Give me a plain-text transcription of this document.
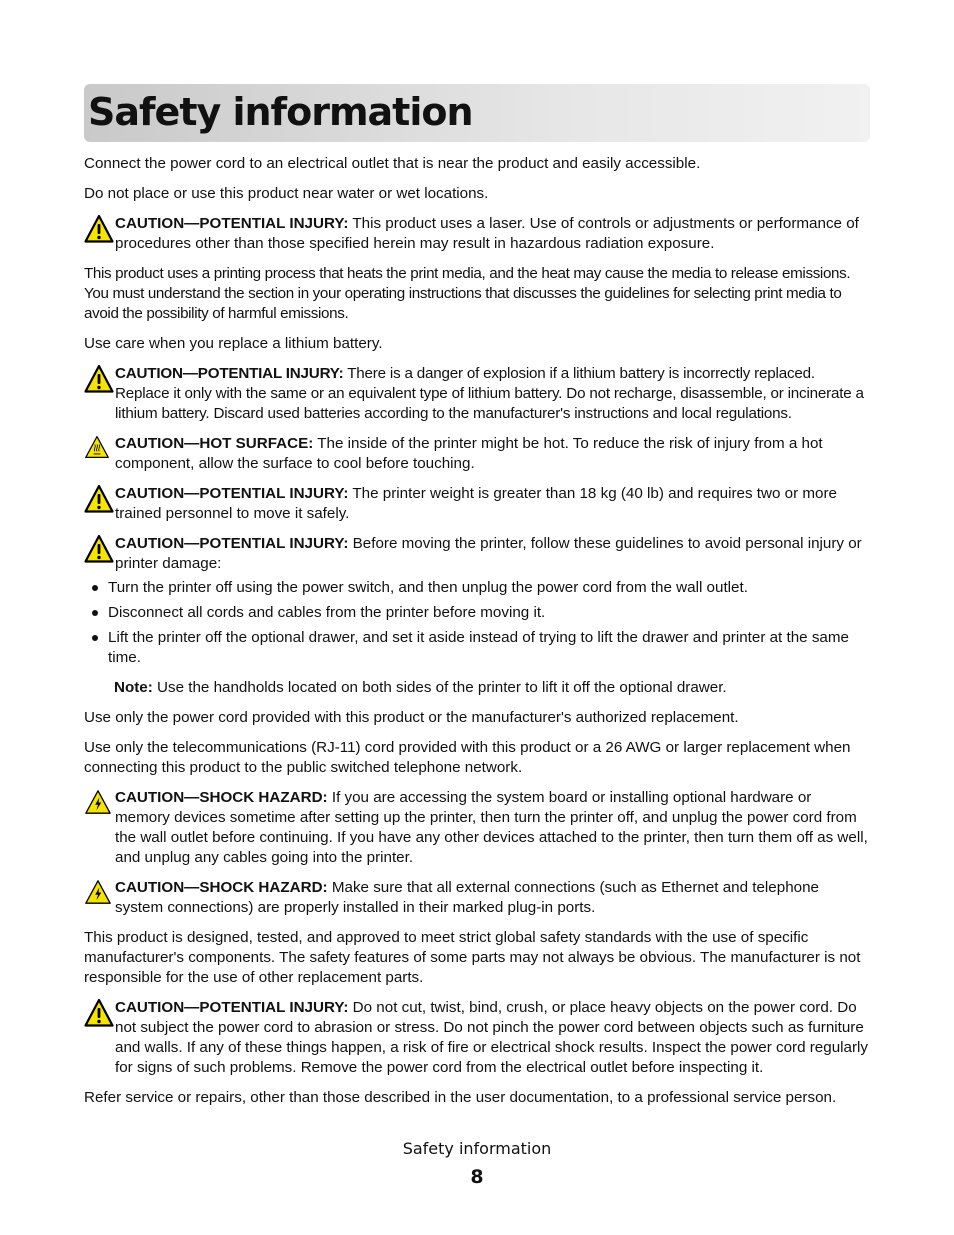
Safety information

Connect the power cord to an electrical outlet that is near the product and easily accessible.

Do not place or use this product near water or wet locations.

CAUTION—POTENTIAL INJURY: This product uses a laser. Use of controls or adjustments or performance of procedures other than those specified herein may result in hazardous radiation exposure.

This product uses a printing process that heats the print media, and the heat may cause the media to release emissions. You must understand the section in your operating instructions that discusses the guidelines for selecting print media to avoid the possibility of harmful emissions.

Use care when you replace a lithium battery.

CAUTION—POTENTIAL INJURY: There is a danger of explosion if a lithium battery is incorrectly replaced. Replace it only with the same or an equivalent type of lithium battery. Do not recharge, disassemble, or incinerate a lithium battery. Discard used batteries according to the manufacturer's instructions and local regulations.
CAUTION—HOT SURFACE: The inside of the printer might be hot. To reduce the risk of injury from a hot component, allow the surface to cool before touching.
CAUTION—POTENTIAL INJURY: The printer weight is greater than 18 kg (40 lb) and requires two or more trained personnel to move it safely.
CAUTION—POTENTIAL INJURY: Before moving the printer, follow these guidelines to avoid personal injury or printer damage:
Turn the printer off using the power switch, and then unplug the power cord from the wall outlet.
Disconnect all cords and cables from the printer before moving it.
Lift the printer off the optional drawer, and set it aside instead of trying to lift the drawer and printer at the same time.

Note: Use the handholds located on both sides of the printer to lift it off the optional drawer.

Use only the power cord provided with this product or the manufacturer's authorized replacement.

Use only the telecommunications (RJ-11) cord provided with this product or a 26 AWG or larger replacement when connecting this product to the public switched telephone network.

CAUTION—SHOCK HAZARD: If you are accessing the system board or installing optional hardware or memory devices sometime after setting up the printer, then turn the printer off, and unplug the power cord from the wall outlet before continuing. If you have any other devices attached to the printer, then turn them off as well, and unplug any cables going into the printer.
CAUTION—SHOCK HAZARD: Make sure that all external connections (such as Ethernet and telephone system connections) are properly installed in their marked plug-in ports.

This product is designed, tested, and approved to meet strict global safety standards with the use of specific manufacturer's components. The safety features of some parts may not always be obvious. The manufacturer is not responsible for the use of other replacement parts.

CAUTION—POTENTIAL INJURY: Do not cut, twist, bind, crush, or place heavy objects on the power cord. Do not subject the power cord to abrasion or stress. Do not pinch the power cord between objects such as furniture and walls. If any of these things happen, a risk of fire or electrical shock results. Inspect the power cord regularly for signs of such problems. Remove the power cord from the electrical outlet before inspecting it.

Refer service or repairs, other than those described in the user documentation, to a professional service person.

Safety information
8
